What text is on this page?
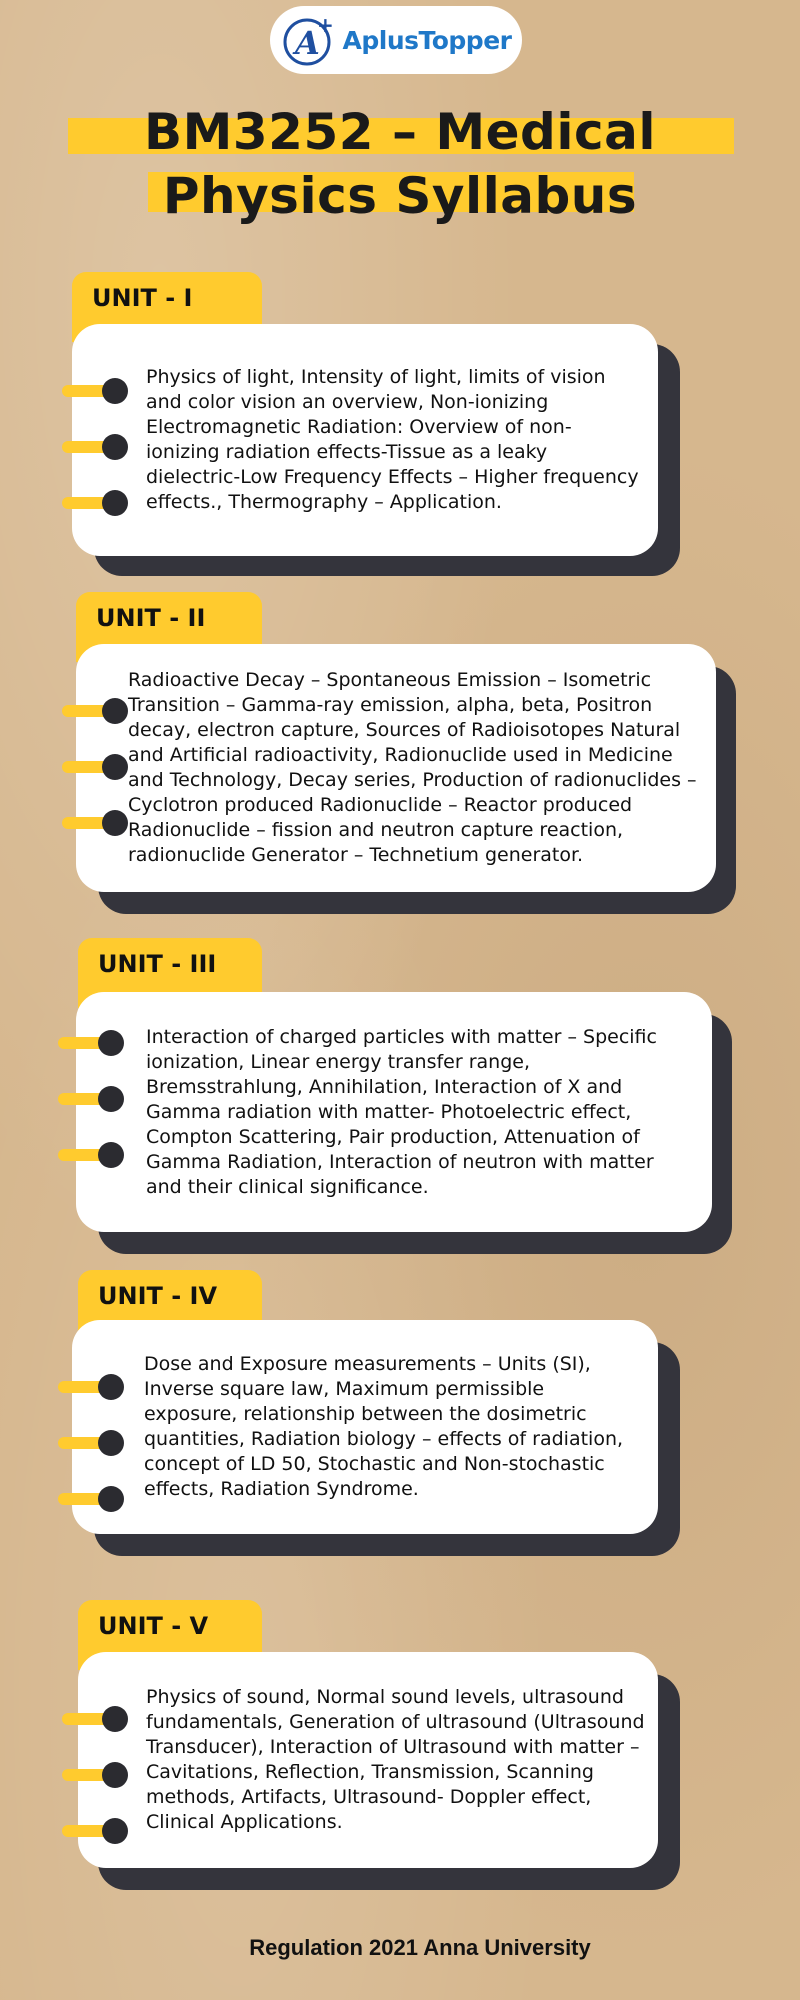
A
+
AplusTopper
BM3252 – Medical
Physics Syllabus
UNIT - I
Physics of light, Intensity of light, limits of vision and color vision an overview, Non-ionizing Electromagnetic Radiation: Overview of non-ionizing radiation effects-Tissue as a leaky dielectric-Low Frequency Effects – Higher frequency effects., Thermography – Application.
UNIT - II
Radioactive Decay – Spontaneous Emission – Isometric Transition – Gamma-ray emission, alpha, beta, Positron decay, electron capture, Sources of Radioisotopes Natural and Artificial radioactivity, Radionuclide used in Medicine and Technology, Decay series, Production of radionuclides – Cyclotron produced Radionuclide – Reactor produced Radionuclide – fission and neutron capture reaction, radionuclide Generator – Technetium generator.
UNIT - III
Interaction of charged particles with matter – Specific ionization, Linear energy transfer range, Bremsstrahlung, Annihilation, Interaction of X and Gamma radiation with matter- Photoelectric effect, Compton Scattering, Pair production, Attenuation of Gamma Radiation, Interaction of neutron with matter and their clinical significance.
UNIT - IV
Dose and Exposure measurements – Units (SI), Inverse square law, Maximum permissible exposure, relationship between the dosimetric quantities, Radiation biology – effects of radiation, concept of LD 50, Stochastic and Non-stochastic effects, Radiation Syndrome.
UNIT - V
Physics of sound, Normal sound levels, ultrasound fundamentals, Generation of ultrasound (Ultrasound Transducer), Interaction of Ultrasound with matter – Cavitations, Reflection, Transmission, Scanning methods, Artifacts, Ultrasound- Doppler effect, Clinical Applications.
Regulation 2021 Anna University
